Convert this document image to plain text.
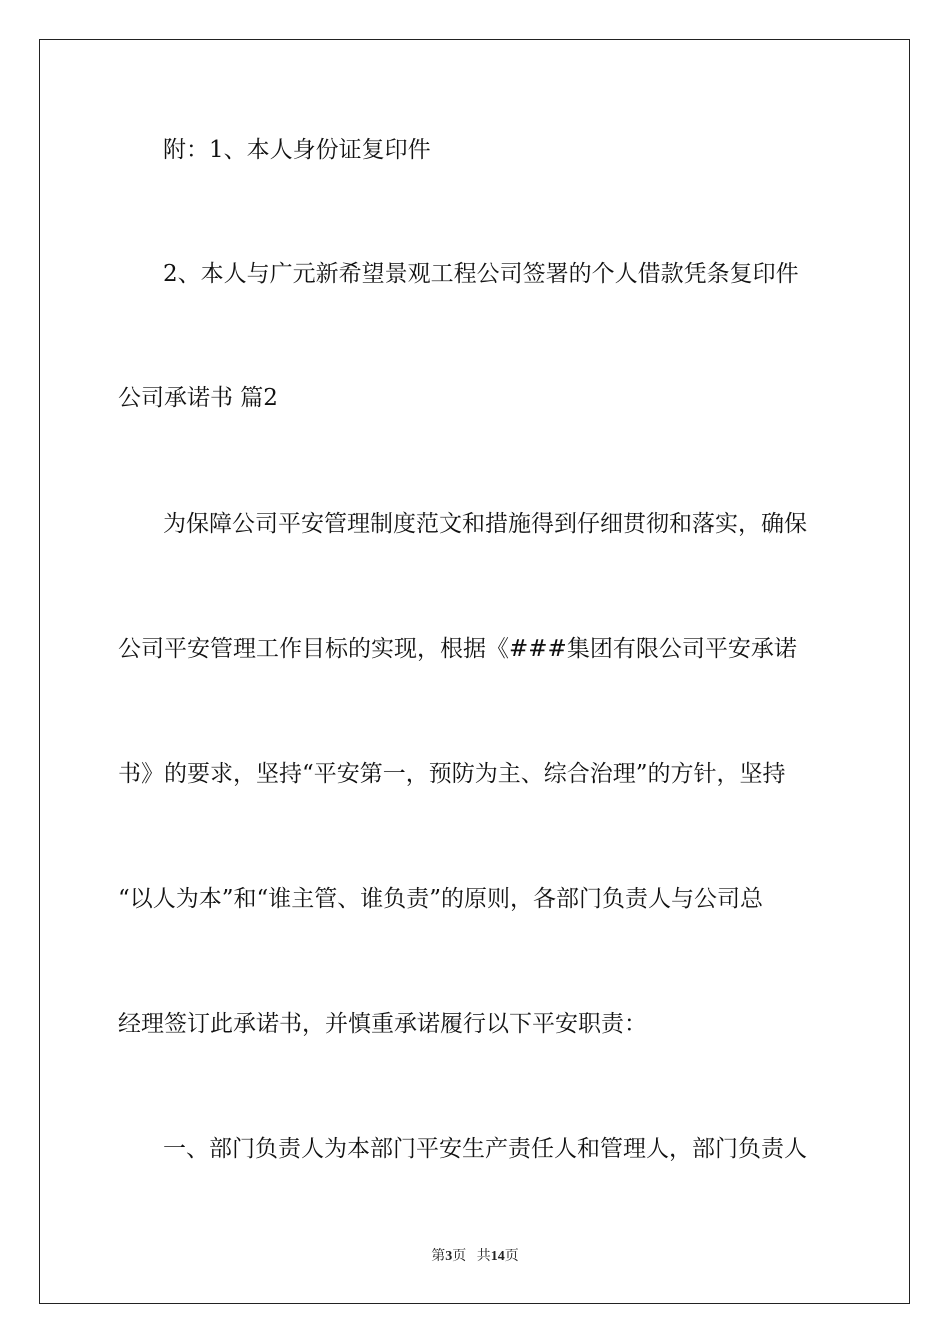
附：1、本人身份证复印件

2、本人与广元新希望景观工程公司签署的个人借款凭条复印件

公司承诺书 篇2

为保障公司平安管理制度范文和措施得到仔细贯彻和落实，确保

公司平安管理工作目标的实现，根据《###集团有限公司平安承诺

书》的要求，坚持“平安第一，预防为主、综合治理”的方针，坚持

“以人为本”和“谁主管、谁负责”的原则，各部门负责人与公司总

经理签订此承诺书，并慎重承诺履行以下平安职责：

一、部门负责人为本部门平安生产责任人和管理人，部门负责人

第3页 共14页
